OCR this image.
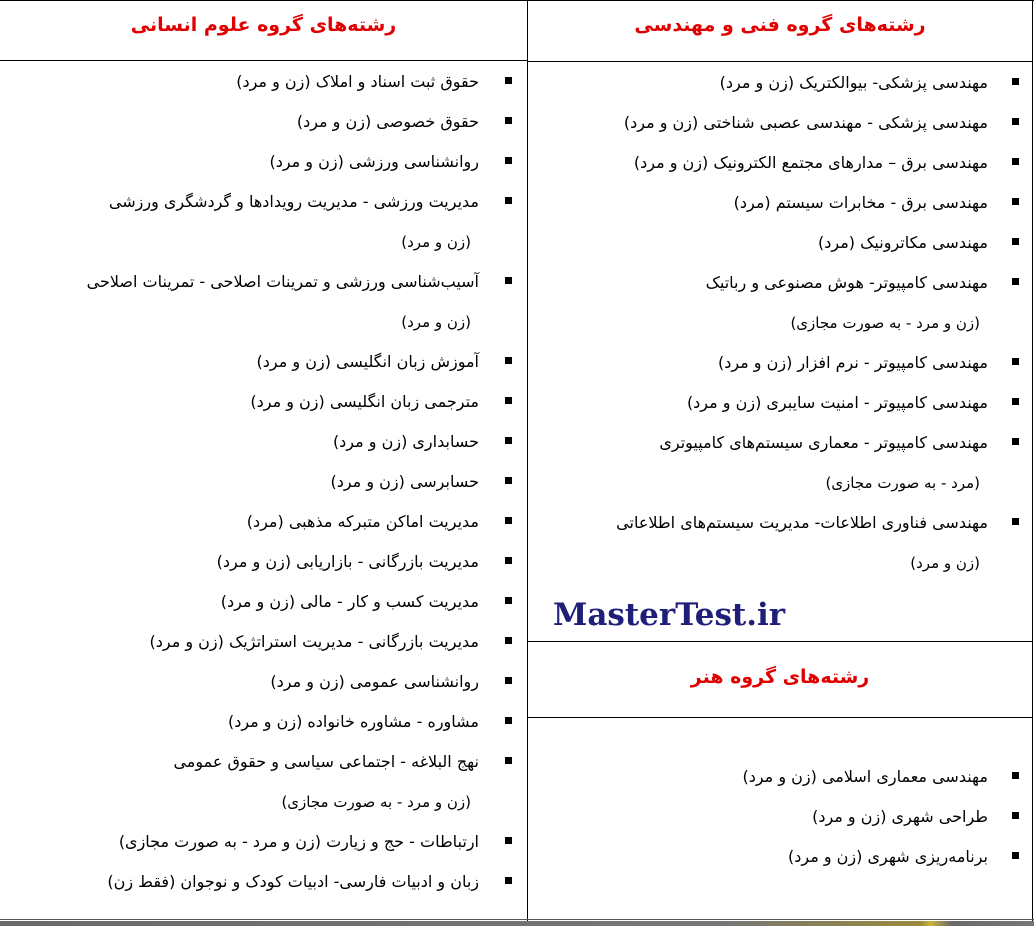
رشته‌های گروه فنی و مهندسی
رشته‌های گروه علوم انسانی
رشته‌های گروه هنر
مهندسی پزشکی- بیوالکتریک (زن و مرد)
مهندسی پزشکی - مهندسی عصبی شناختی (زن و مرد)
مهندسی برق – مدارهای مجتمع الکترونیک (زن و مرد)
مهندسی برق - مخابرات سیستم (مرد)
مهندسی مکاترونیک (مرد)
مهندسی کامپیوتر- هوش مصنوعی و رباتیک
(زن و مرد - به صورت مجازی)
مهندسی کامپیوتر - نرم افزار (زن و مرد)
مهندسی کامپیوتر - امنیت سایبری (زن و مرد)
مهندسی کامپیوتر - معماری سیستم‌های کامپیوتری
(مرد - به صورت مجازی)
مهندسی فناوری اطلاعات- مدیریت سیستم‌های اطلاعاتی
(زن و مرد)
حقوق ثبت اسناد و املاک (زن و مرد)
حقوق خصوصی (زن و مرد)
روانشناسی ورزشی (زن و مرد)
مدیریت ورزشی - مدیریت رویدادها و گردشگری ورزشی
(زن و مرد)
آسیب‌شناسی ورزشی و تمرینات اصلاحی - تمرینات اصلاحی
(زن و مرد)
آموزش زبان انگلیسی (زن و مرد)
مترجمی زبان انگلیسی (زن و مرد)
حسابداری (زن و مرد)
حسابرسی (زن و مرد)
مدیریت اماکن متبرکه مذهبی (مرد)
مدیریت بازرگانی - بازاریابی (زن و مرد)
مدیریت کسب و کار - مالی (زن و مرد)
مدیریت بازرگانی - مدیریت استراتژیک (زن و مرد)
روانشناسی عمومی (زن و مرد)
مشاوره - مشاوره خانواده (زن و مرد)
نهج البلاغه - اجتماعی سیاسی و حقوق عمومی
(زن و مرد - به صورت مجازی)
ارتباطات - حج و زیارت (زن و مرد - به صورت مجازی)
زبان و ادبیات فارسی- ادبیات کودک و نوجوان (فقط زن)
مهندسی معماری اسلامی (زن و مرد)
طراحی شهری (زن و مرد)
برنامه‌ریزی شهری (زن و مرد)
MasterTest.ir
